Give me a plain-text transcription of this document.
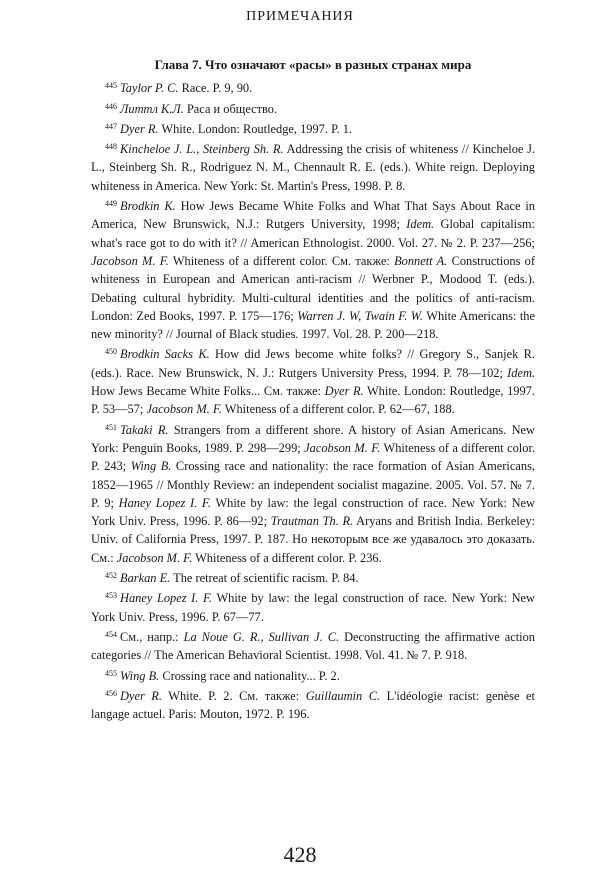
ПРИМЕЧАНИЯ
Глава 7. Что означают «расы» в разных странах мира

$^{445}$ Taylor P. C. Race. P. 9, 90.

$^{446}$ Литтл К.Л. Раса и общество.

$^{447}$ Dyer R. White. London: Routledge, 1997. P. 1.

$^{448}$ Kincheloe J. L., Steinberg Sh. R. Addressing the crisis of whiteness // Kincheloe J. L., Steinberg Sh. R., Rodriguez N. M., Chennault R. E. (eds.). White reign. Deploying whiteness in America. New York: St. Martin's Press, 1998. P. 8.

$^{449}$ Brodkin K. How Jews Became White Folks and What That Says About Race in America, New Brunswick, N.J.: Rutgers University, 1998; Idem. Global capitalism: what's race got to do with it? // American Ethnologist. 2000. Vol. 27. № 2. P. 237—256; Jacobson M. F. Whiteness of a different color. См. также: Bonnett A. Constructions of whiteness in European and American anti-racism // Werbner P., Modood T. (eds.). Debating cultural hybridity. Multi-cultural identities and the politics of anti-racism. London: Zed Books, 1997. P. 175—176; Warren J. W, Twain F. W. White Americans: the new minority? // Journal of Black studies. 1997. Vol. 28. P. 200—218.

$^{450}$ Brodkin Sacks K. How did Jews become white folks? // Gregory S., Sanjek R. (eds.). Race. New Brunswick, N. J.: Rutgers University Press, 1994. P. 78—102; Idem. How Jews Became White Folks... См. также: Dyer R. White. London: Routledge, 1997. P. 53—57; Jacobson M. F. Whiteness of a different color. P. 62—67, 188.

$^{451}$ Takaki R. Strangers from a different shore. A history of Asian Americans. New York: Penguin Books, 1989. P. 298—299; Jacobson M. F. Whiteness of a different color. P. 243; Wing B. Crossing race and nationality: the race formation of Asian Americans, 1852—1965 // Monthly Review: an independent socialist magazine. 2005. Vol. 57. № 7. P. 9; Haney Lopez I. F. White by law: the legal construction of race. New York: New York Univ. Press, 1996. P. 86—92; Trautman Th. R. Aryans and British India. Berkeley: Univ. of California Press, 1997. P. 187. Но некоторым все же удавалось это доказать. См.: Jacobson M. F. Whiteness of a different color. P. 236.

$^{452}$ Barkan E. The retreat of scientific racism. P. 84.

$^{453}$ Haney Lopez I. F. White by law: the legal construction of race. New York: New York Univ. Press, 1996. P. 67—77.

$^{454}$ См., напр.: La Noue G. R., Sullivan J. C. Deconstructing the affirmative action categories // The American Behavioral Scientist. 1998. Vol. 41. № 7. P. 918.

$^{455}$ Wing B. Crossing race and nationality... P. 2.

$^{456}$ Dyer R. White. P. 2. См. также: Guillaumin C. L'idéologie racist: genèse et langage actuel. Paris: Mouton, 1972. P. 196.

428
